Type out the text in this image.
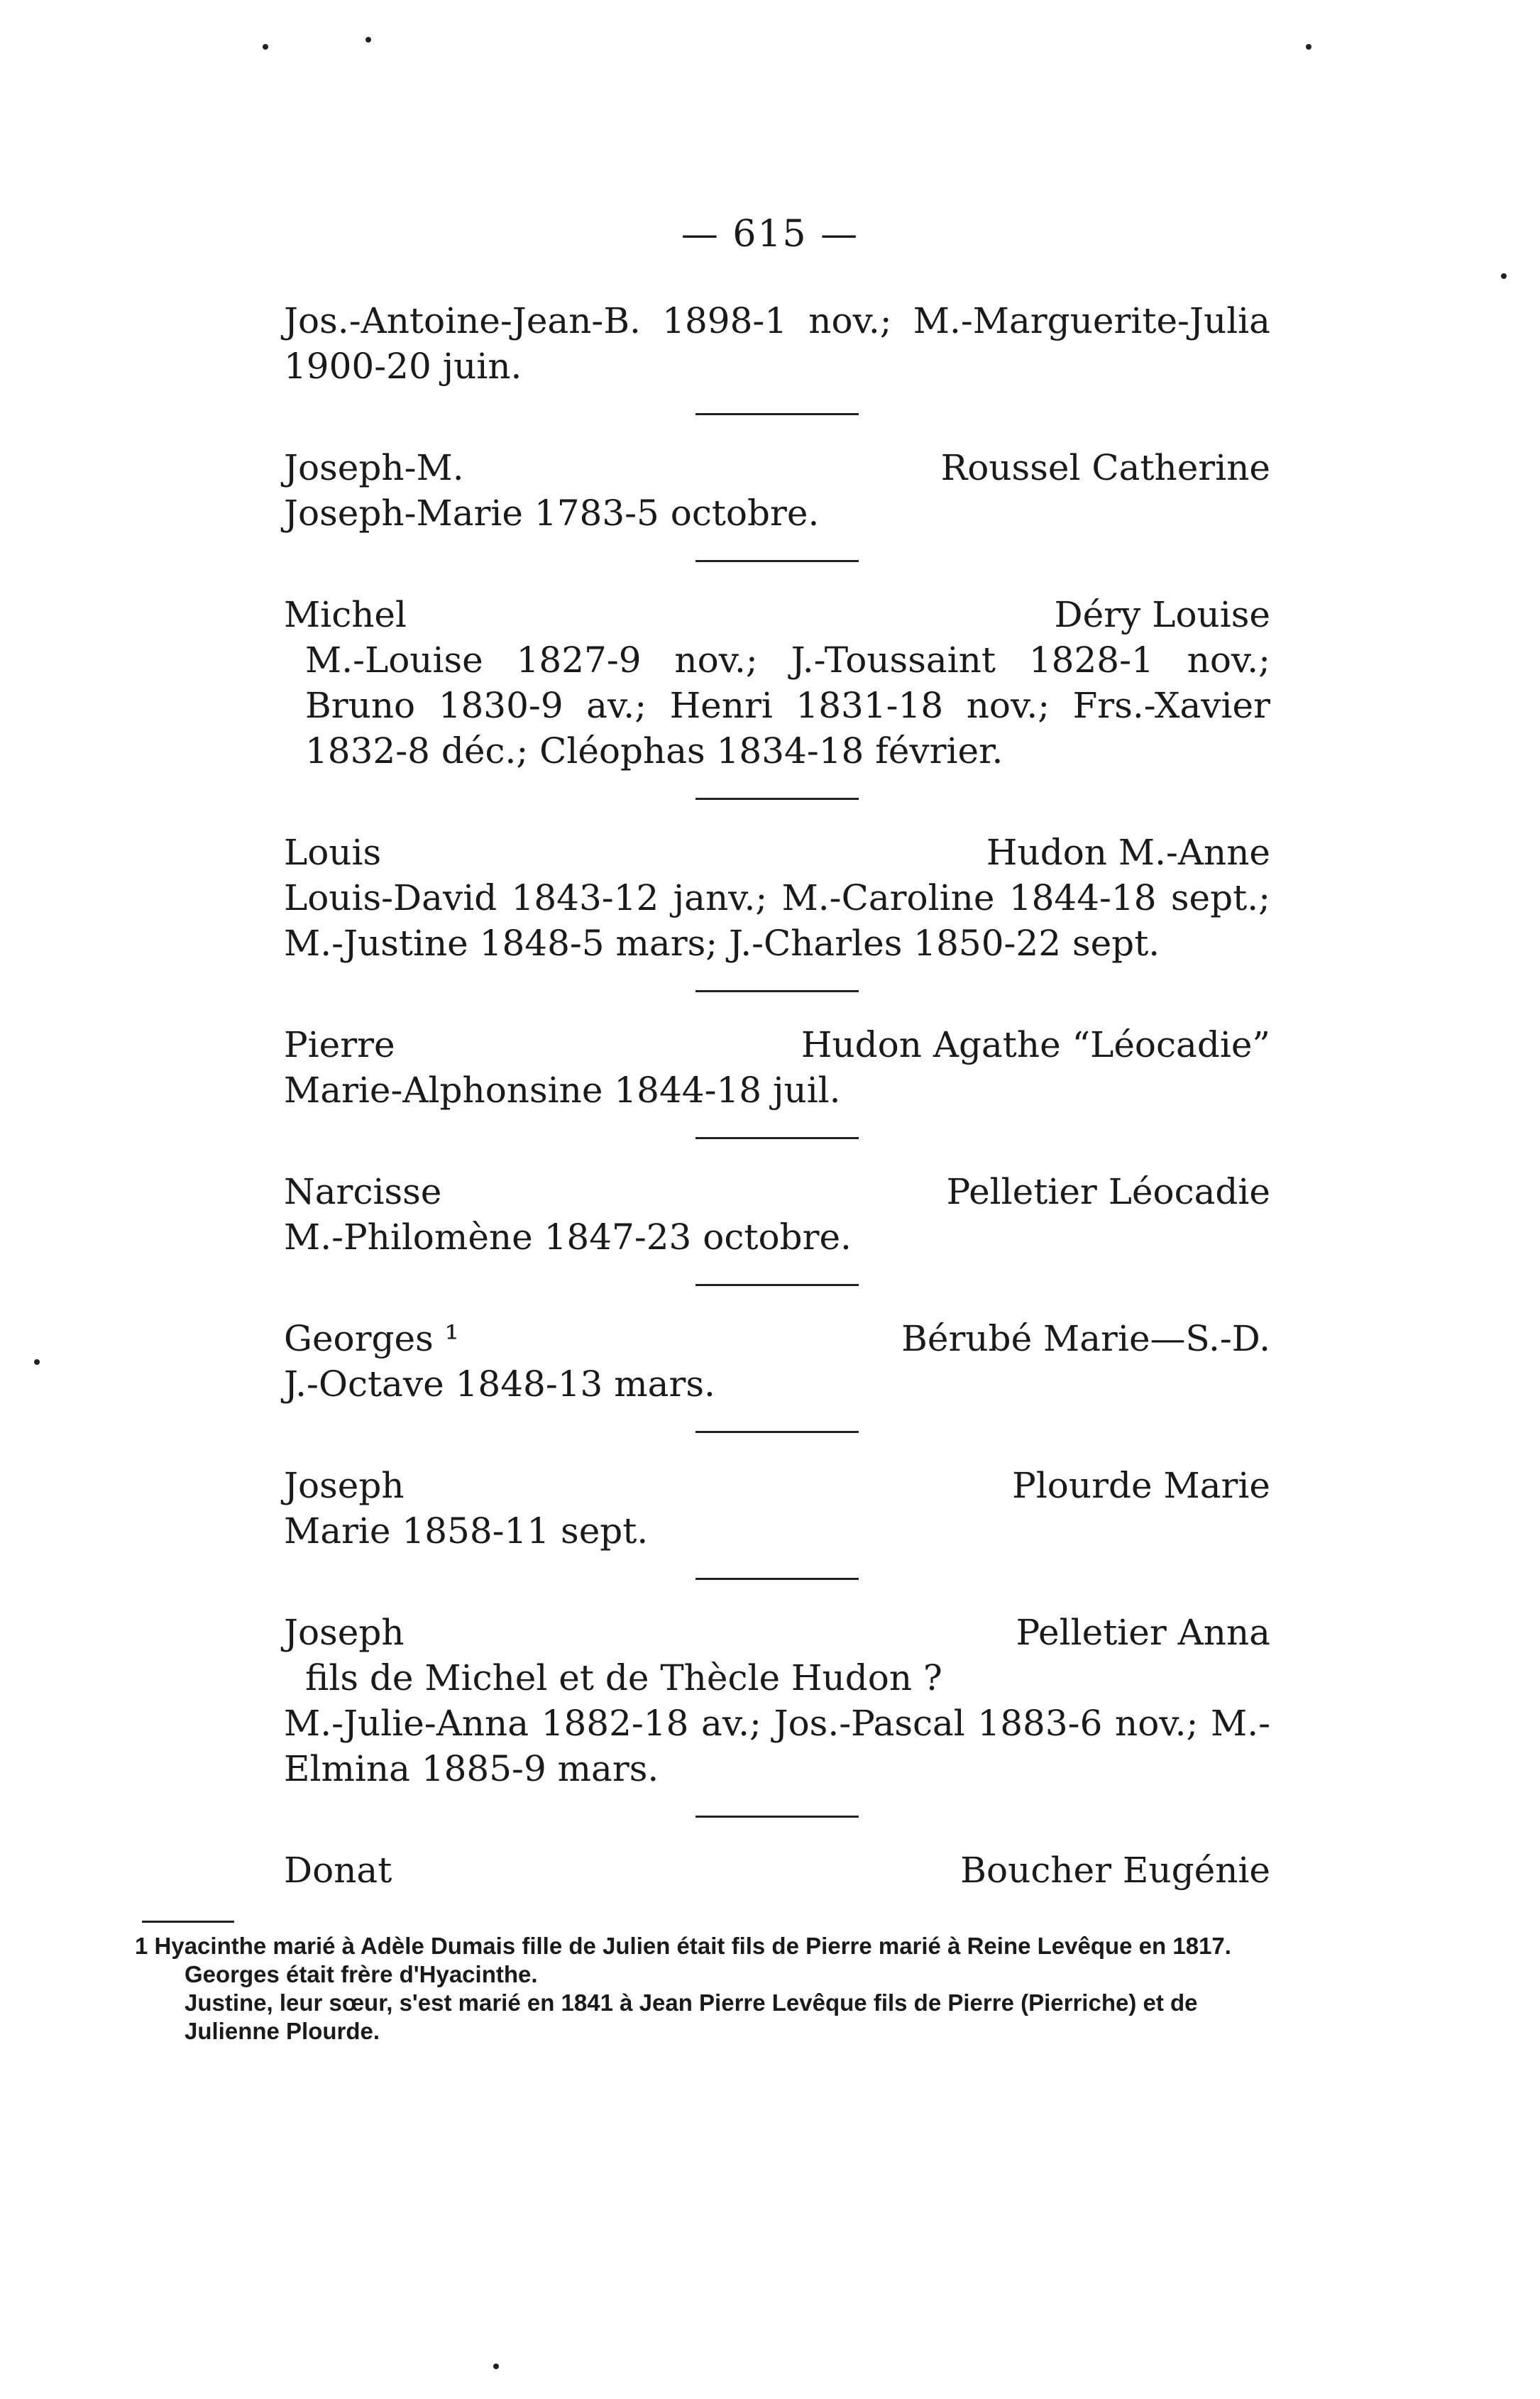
— 615 —
Jos.-Antoine-Jean-B. 1898-1 nov.; M.-Marguerite-Julia 1900-20 juin.
Joseph-M.	Roussel Catherine
Joseph-Marie 1783-5 octobre.
Michel	Déry Louise
M.-Louise 1827-9 nov.; J.-Toussaint 1828-1 nov.; Bruno 1830-9 av.; Henri 1831-18 nov.; Frs.-Xavier 1832-8 déc.; Cléophas 1834-18 février.
Louis	Hudon M.-Anne
Louis-David 1843-12 janv.; M.-Caroline 1844-18 sept.; M.-Justine 1848-5 mars; J.-Charles 1850-22 sept.
Pierre	Hudon Agathe “Léocadie”
Marie-Alphonsine 1844-18 juil.
Narcisse	Pelletier Léocadie
M.-Philomène 1847-23 octobre.
Georges ¹	Bérubé Marie—S.-D.
J.-Octave 1848-13 mars.
Joseph	Plourde Marie
Marie 1858-11 sept.
Joseph	Pelletier Anna
fils de Michel et de Thècle Hudon ?
M.-Julie-Anna 1882-18 av.; Jos.-Pascal 1883-6 nov.; M.-Elmina 1885-9 mars.
Donat	Boucher Eugénie

1 Hyacinthe marié à Adèle Dumais fille de Julien était fils de Pierre marié à Reine Levêque en 1817.

Georges était frère d'Hyacinthe.

Justine, leur sœur, s'est marié en 1841 à Jean Pierre Levêque fils de Pierre (Pierriche) et de Julienne Plourde.
